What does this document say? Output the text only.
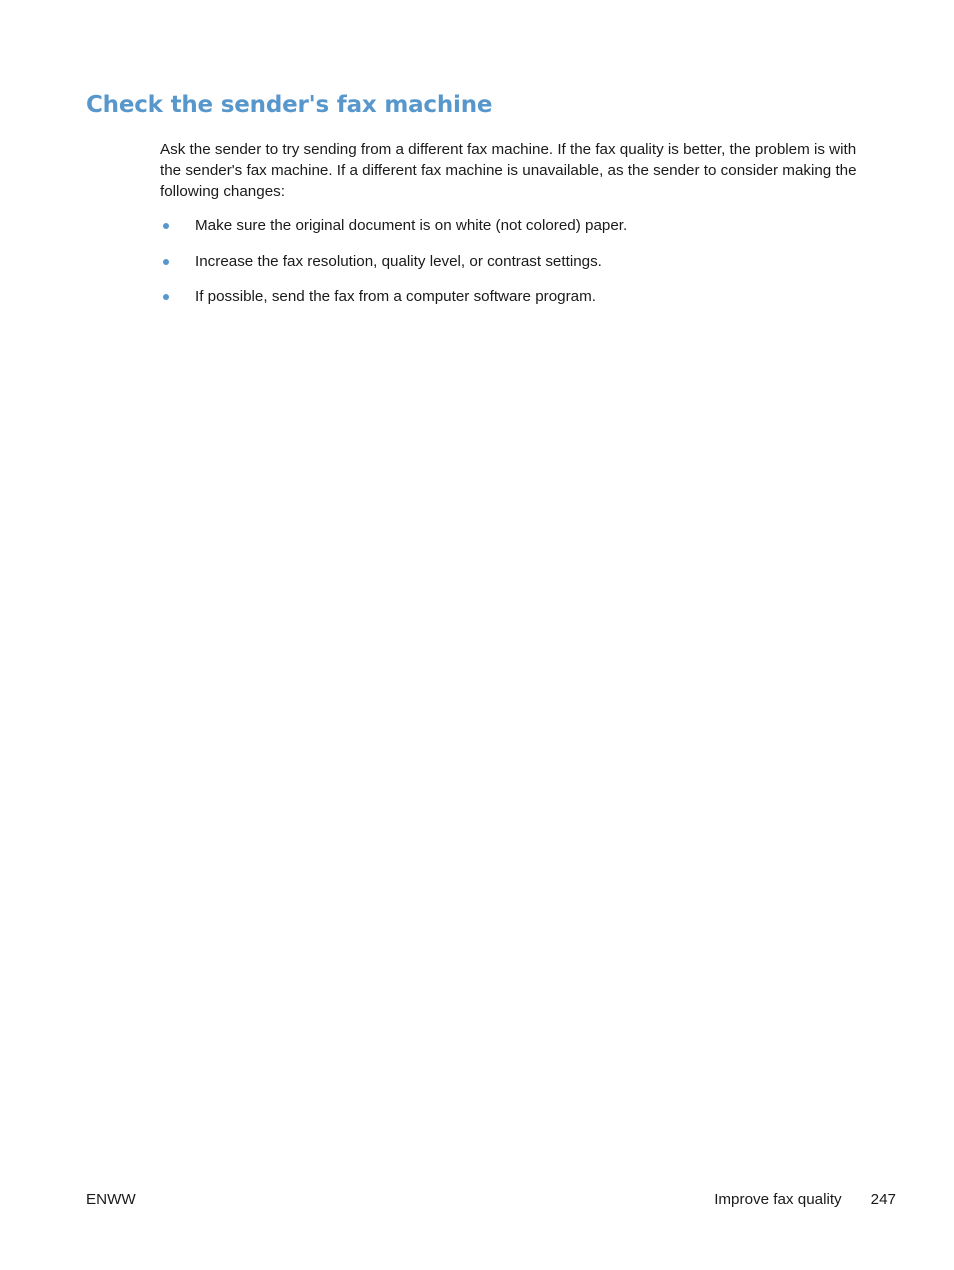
Check the sender's fax machine

Ask the sender to try sending from a different fax machine. If the fax quality is better, the problem is with the sender's fax machine. If a different fax machine is unavailable, as the sender to consider making the following changes:

Make sure the original document is on white (not colored) paper.
Increase the fax resolution, quality level, or contrast settings.
If possible, send the fax from a computer software program.
ENWW	Improve fax quality 247
